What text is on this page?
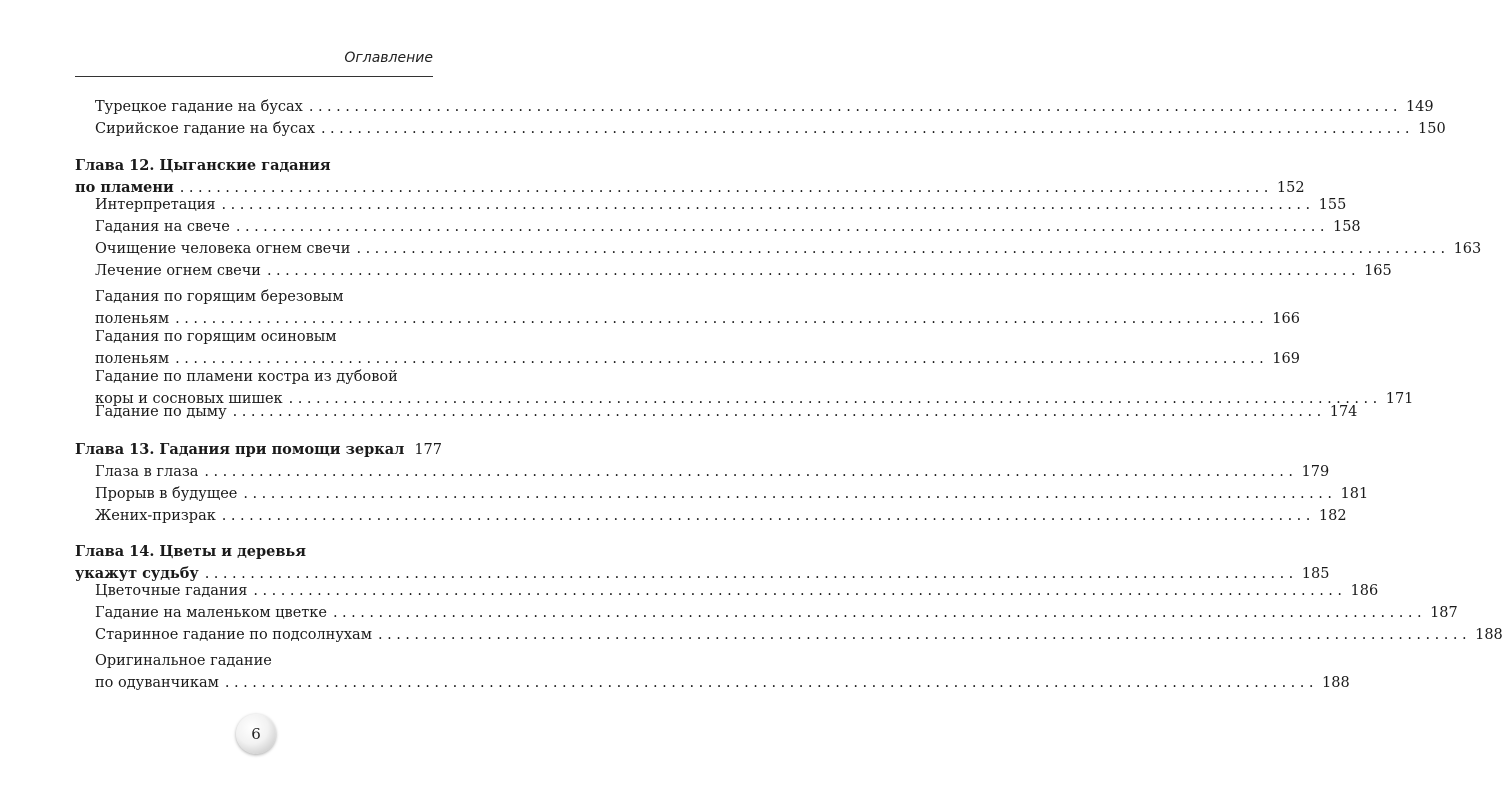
Оглавление
Турецкое гадание на бусах ........................................................................................................................ 149
Сирийское гадание на бусах ........................................................................................................................ 150
Глава 12. Цыганские гадания
по пламени ........................................................................................................................ 152
Интерпретация ........................................................................................................................ 155
Гадания на свече ........................................................................................................................ 158
Очищение человека огнем свечи ........................................................................................................................ 163
Лечение огнем свечи ........................................................................................................................ 165
Гадания по горящим березовым
поленьям ........................................................................................................................ 166
Гадания по горящим осиновым
поленьям ........................................................................................................................ 169
Гадание по пламени костра из дубовой
коры и сосновых шишек ........................................................................................................................ 171
Гадание по дыму ........................................................................................................................ 174
Глава 13. Гадания при помощи зеркал 177
Глаза в глаза ........................................................................................................................ 179
Прорыв в будущее ........................................................................................................................ 181
Жених-призрак ........................................................................................................................ 182
Глава 14. Цветы и деревья
укажут судьбу ........................................................................................................................ 185
Цветочные гадания ........................................................................................................................ 186
Гадание на маленьком цветке ........................................................................................................................ 187
Старинное гадание по подсолнухам ........................................................................................................................ 188
Оригинальное гадание
по одуванчикам ........................................................................................................................ 188
6
